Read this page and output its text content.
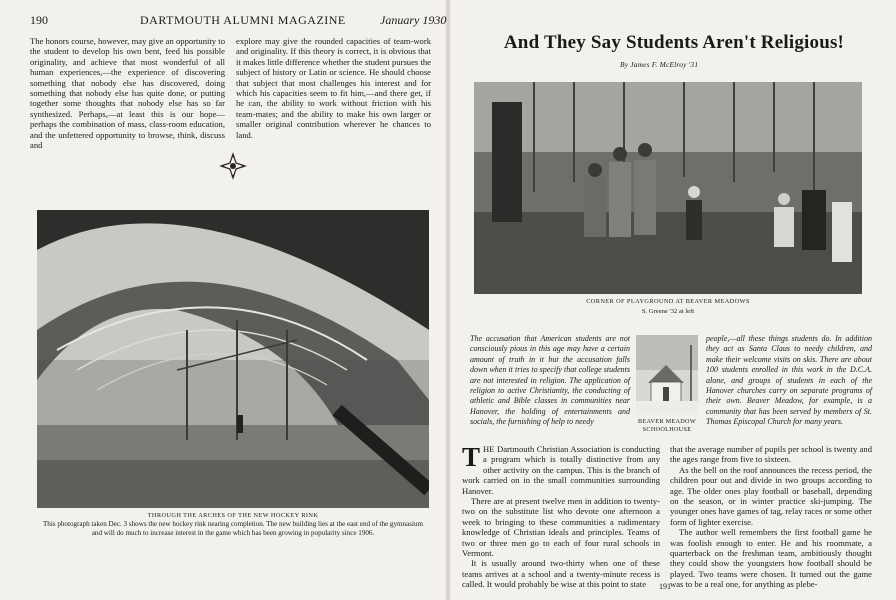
190	DARTMOUTH ALUMNI MAGAZINE	January 1930

The honors course, however, may give an opportunity to the student to develop his own bent, feed his possible originality, and achieve that most wonderful of all human experiences,—the experience of discovering something that nobody else has discovered, doing something that nobody else has quite done, or putting together some thoughts that nobody else has so far synthesized. Perhaps,—at least this is our hope—perhaps the combination of mass, class-room education, and the unfettered opportunity to browse, think, discuss and

explore may give the rounded capacities of team-work and originality. If this theory is correct, it is obvious that it makes little difference whether the student pursues the subject of history or Latin or science. He should choose that subject that most challenges his interest and for which his capacities seem to fit him,—and there get, if he can, the ability to work without friction with his team-mates; and the ability to make his own larger or smaller original contribution wherever he chances to land.

THROUGH THE ARCHES OF THE NEW HOCKEY RINK
This photograph taken Dec. 3 shows the new hockey rink nearing completion. The new building lies at the east end of the gymnasium and will do much to increase interest in the game which has been growing in popularity since 1906.
And They Say Students Aren't Religious!
By James F. McElroy '31
CORNER OF PLAYGROUND AT BEAVER MEADOWS
S. Greene '32 at left

The accusation that American students are not consciously pious in this age may have a certain amount of truth in it but the accusation falls down when it tries to specify that college students are not interested in religion. The application of religion to active Christianity, the conducting of athletic and Bible classes in communities near Hanover, the holding of entertainments and socials, the furnishing of help to needy	BEAVER MEADOW SCHOOLHOUSE

people,—all these things students do. In addition they act as Santa Claus to needy children, and make their welcome visits on skis. There are about 100 students enrolled in this work in the D.C.A. alone, and groups of students in each of the Hanover churches carry on separate programs of their own. Beaver Meadow, for example, is a community that has been served by members of St. Thomas Episcopal Church for many years.

THE Dartmouth Christian Association is conducting a program which is totally distinctive from any other activity on the campus. This is the branch of work carried on in the small communities surrounding Hanover.

There are at present twelve men in addition to twenty-two on the substitute list who devote one afternoon a week to bringing to these communities a rudimentary knowledge of Christian ideals and principles. Teams of two or three men go to each of four rural schools in Vermont.

It is usually around two-thirty when one of these teams arrives at a school and a twenty-minute recess is called. It would probably be wise at this point to state

that the average number of pupils per school is twenty and the ages range from five to sixteen.

As the bell on the roof announces the recess period, the children pour out and divide in two groups according to age. The older ones play football or baseball, depending on the season, or in winter practice ski-jumping. The younger ones have games of tag, relay races or some other form of lighter exercise.

The author well remembers the first football game he was foolish enough to enter. He and his roommate, a quarterback on the freshman team, ambitiously thought they could show the youngsters how football should be played. Two teams were chosen. It turned out the game was to be a real one, for anything as plebe-

191
